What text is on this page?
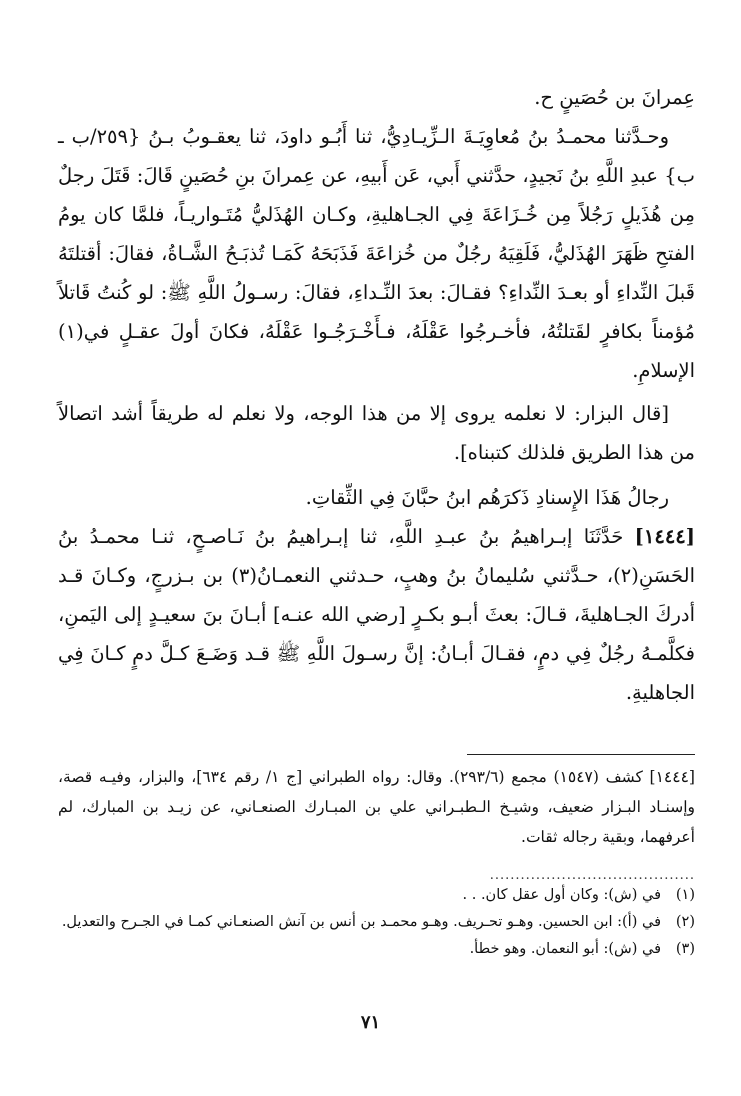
عِمرانَ بن حُصَينٍ ح.

وحـدَّثنا محمـدُ بنُ مُعاوِيَـةَ الـزِّيـادِيُّ، ثنا أَبُـو داودَ، ثنا يعقـوبُ بـنُ {٢٥٩/ب ـ ب} عبدِ اللَّهِ بنُ نَجيدٍ، حدَّثني أَبي، عَن أَبيهِ، عن عِمرانَ بنِ حُصَينٍ قَالَ: قَتَلَ رجلٌ مِن هُذَيلٍ رَجُلاً مِن خُـزَاعَةَ فِي الجـاهليةِ، وكـان الهُذَليُّ مُتَـواريـاً، فلمَّا كان يومُ الفتحِ ظَهَرَ الهُذَليُّ، فَلَقِيَهُ رجُلٌ من خُزاعَةَ فَذَبَحَهُ كَمَـا تُذبَـحُ الشَّـاةُ، فقالَ: أقتلتَهُ قَبلَ النِّداءِ أو بعـدَ النِّداءِ؟ فقـالَ: بعدَ النِّـداءِ، فقالَ: رسـولُ اللَّهِ ﷺ: لو كُنتُ قَاتلاً مُؤمناً بكافرٍ لقَتلتُهُ، فأخـرجُوا عَقْلَهُ، فـأَخْـرَجُـوا عَقْلَهُ، فكانَ أولَ عقـلٍ في(١) الإسلامِ.

[قال البزار: لا نعلمه يروى إلا من هذا الوجه، ولا نعلم له طريقاً أشد اتصالاً من هذا الطريق فلذلك كتبناه].

رجالُ هَذَا الإِسنادِ ذَكرَهُم ابنُ حبَّانَ فِي الثِّقاتِ.

[١٤٤٤] حَدَّثَنَا إبـراهيمُ بنُ عبـدِ اللَّهِ، ثنا إبـراهيمُ بنُ نَـاصـحٍ، ثنـا محمـدُ بنُ الحَسَنِ(٢)، حـدَّثني سُليمانُ بنُ وهبٍ، حـدثني النعمـانُ(٣) بن بـزرجٍ، وكـانَ قـد أدركَ الجـاهليةَ، قـالَ: بعثَ أبـو بكـرٍ [رضي الله عنـه] أبـانَ بنَ سعيـدٍ إلى اليَمنِ، فكلَّمـهُ رجُلٌ فِي دمٍ، فقـالَ أبـانُ: إنَّ رسـولَ اللَّهِ ﷺ قـد وَضَـعَ كـلَّ دمٍ كـانَ فِي الجاهليةِ.

[١٤٤٤] كشف (١٥٤٧) مجمع (٢٩٣/٦). وقال: رواه الطبراني [ج ١/ رقم ٦٣٤]، والبزار، وفيـه قصة، وإسنـاد البـزار ضعيف، وشيـخ الـطبـراني علي بن المبـارك الصنعـاني، عن زيـد بن المبارك، لم أعرفهما، وبقية رجاله ثقات.

........................................
(١)
في (ش): وكان أول عقل كان. . .
(٢)
في (أ): ابن الحسين. وهـو تحـريف. وهـو محمـد بن أنس بن آنش الصنعـاني كمـا في الجـرح والتعديل.
(٣)
في (ش): أبو النعمان. وهو خطأ.
٧١
